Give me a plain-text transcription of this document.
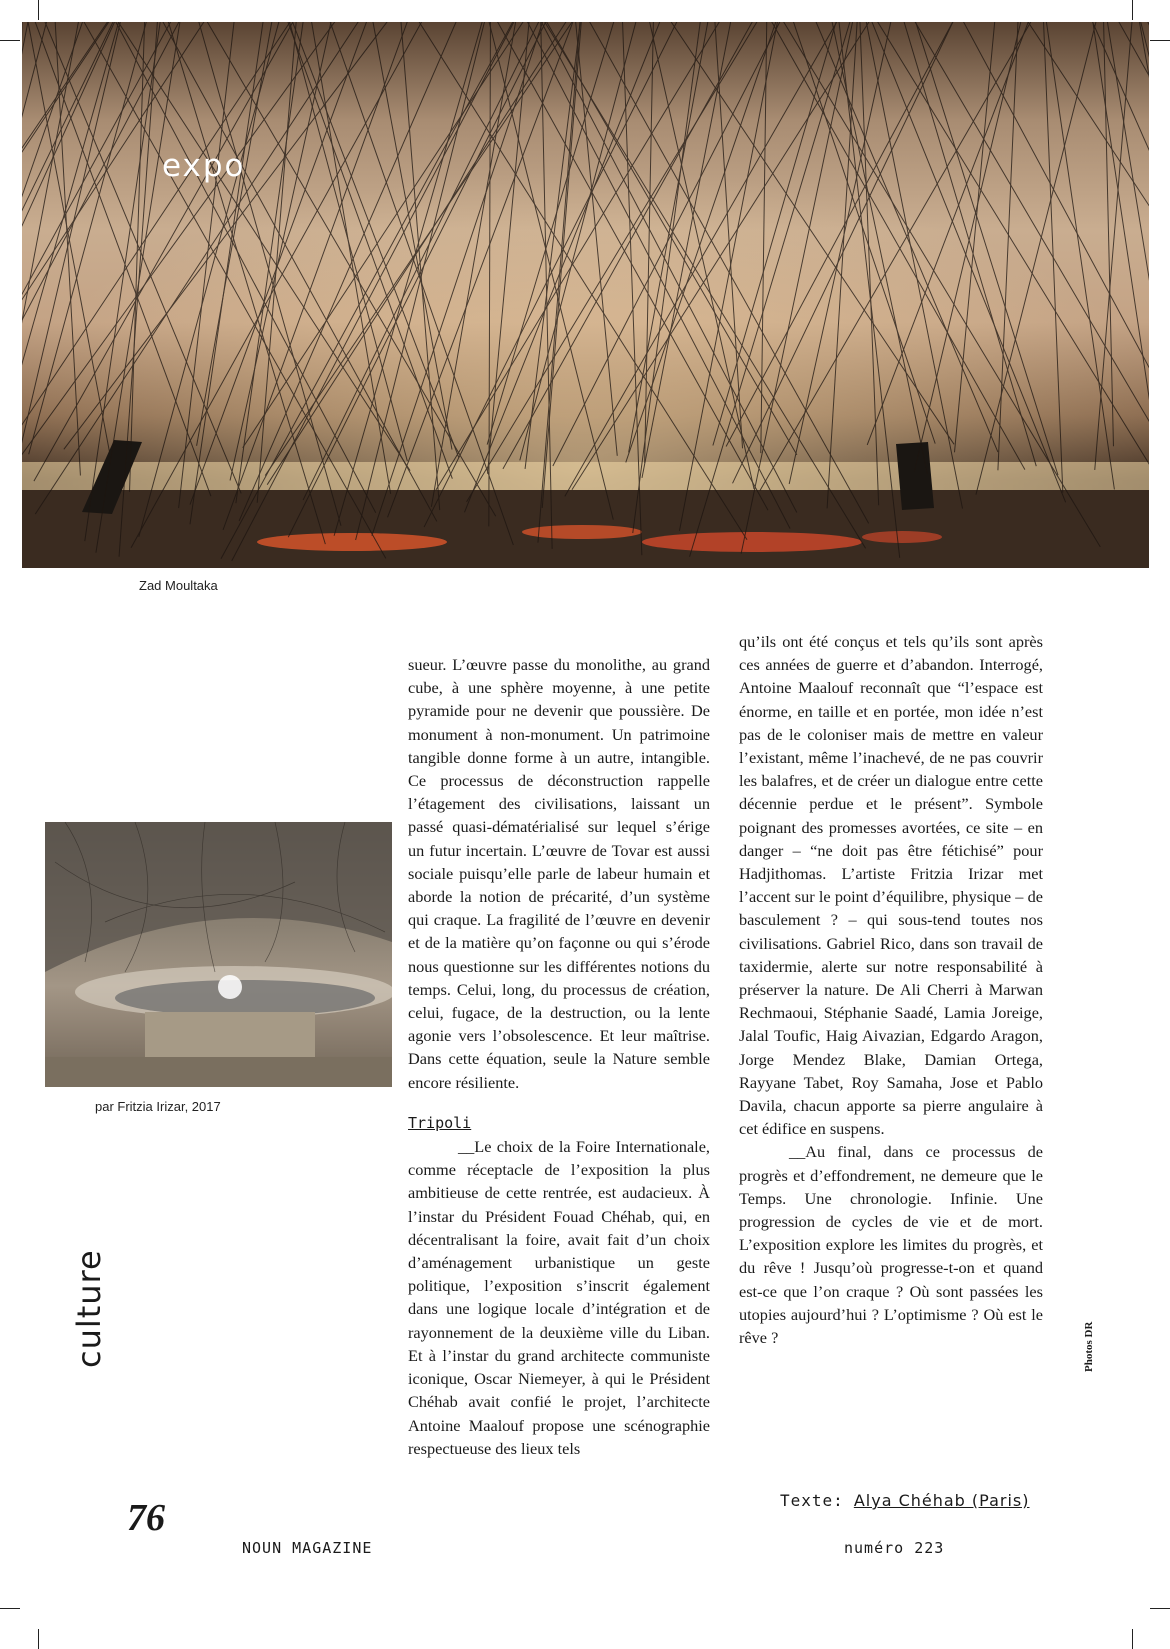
expo
Zad Moultaka
par Fritzia Irizar, 2017
culture

sueur. L’œuvre passe du monolithe, au grand cube, à une sphère moyenne, à une petite pyramide pour ne devenir que poussière. De monument à non-monument. Un patrimoine tangible donne forme à un autre, intangible. Ce processus de déconstruction rappelle l’étagement des civilisations, laissant un passé quasi-dématérialisé sur lequel s’érige un futur incertain. L’œuvre de Tovar est aussi sociale puisqu’elle parle de labeur humain et aborde la notion de précarité, d’un système qui craque. La fragilité de l’œuvre en devenir et de la matière qu’on façonne ou qui s’érode nous questionne sur les différentes notions du temps. Celui, long, du processus de création, celui, fugace, de la destruction, ou la lente agonie vers l’obsolescence. Et leur maîtrise. Dans cette équation, seule la Nature semble encore résiliente.

Tripoli

__Le choix de la Foire Internationale, comme réceptacle de l’exposition la plus ambitieuse de cette rentrée, est audacieux. À l’instar du Président Fouad Chéhab, qui, en décentralisant la foire, avait fait d’un choix d’aménagement urbanistique un geste politique, l’exposition s’inscrit également dans une logique locale d’intégration et de rayonnement de la deuxième ville du Liban. Et à l’instar du grand architecte communiste iconique, Oscar Niemeyer, à qui le Président Chéhab avait confié le projet, l’architecte Antoine Maalouf propose une scénographie respectueuse des lieux tels

qu’ils ont été conçus et tels qu’ils sont après ces années de guerre et d’abandon. Interrogé, Antoine Maalouf reconnaît que “l’espace est énorme, en taille et en portée, mon idée n’est pas de le coloniser mais de mettre en valeur l’existant, même l’inachevé, de ne pas couvrir les balafres, et de créer un dialogue entre cette décennie perdue et le présent”. Symbole poignant des promesses avortées, ce site – en danger – “ne doit pas être fétichisé” pour Hadjithomas. L’artiste Fritzia Irizar met l’accent sur le point d’équilibre, physique – de basculement ? – qui sous-tend toutes nos civilisations. Gabriel Rico, dans son travail de taxidermie, alerte sur notre responsabilité à préserver la nature. De Ali Cherri à Marwan Rechmaoui, Stéphanie Saadé, Lamia Joreige, Jalal Toufic, Haig Aivazian, Edgardo Aragon, Jorge Mendez Blake, Damian Ortega, Rayyane Tabet, Roy Samaha, Jose et Pablo Davila, chacun apporte sa pierre angulaire à cet édifice en suspens.

__Au final, dans ce processus de progrès et d’effondrement, ne demeure que le Temps. Une chronologie. Infinie. Une progression de cycles de vie et de mort. L’exposition explore les limites du progrès, et du rêve ! Jusqu’où progresse-t-on et quand est-ce que l’on craque ? Où sont passées les utopies aujourd’hui ? L’optimisme ? Où est le rêve ?	Photos DR
76
NOUN MAGAZINE	numéro 223
Texte: Alya Chéhab (Paris)
